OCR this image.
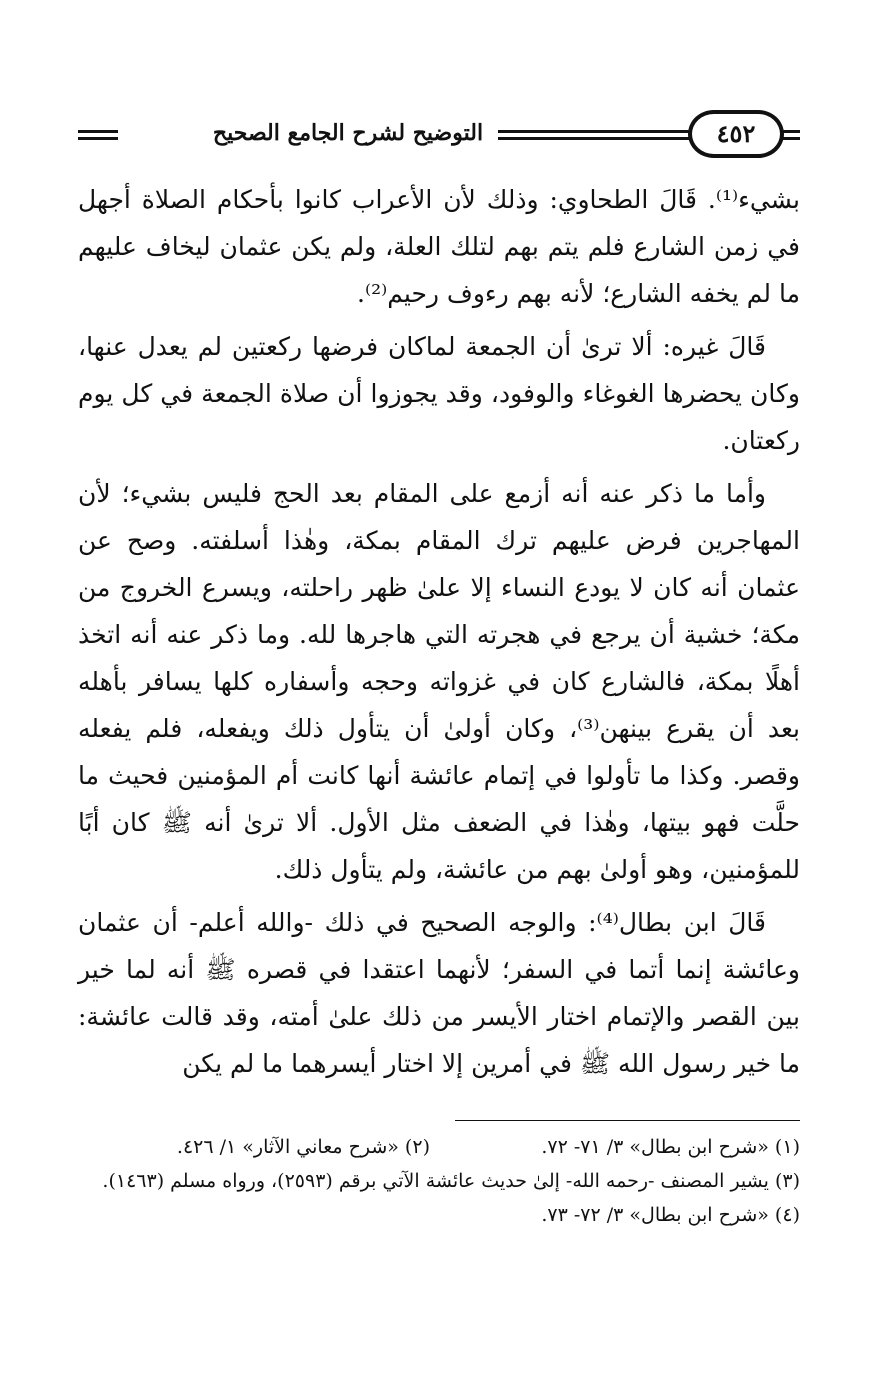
التوضيح لشرح الجامع الصحيح	٤٥٢

بشيء⁽¹⁾. قَالَ الطحاوي: وذلك لأن الأعراب كانوا بأحكام الصلاة أجهل في زمن الشارع فلم يتم بهم لتلك العلة، ولم يكن عثمان ليخاف عليهم ما لم يخفه الشارع؛ لأنه بهم رءوف رحيم⁽²⁾.

قَالَ غيره: ألا ترىٰ أن الجمعة لماكان فرضها ركعتين لم يعدل عنها، وكان يحضرها الغوغاء والوفود، وقد يجوزوا أن صلاة الجمعة في كل يوم ركعتان.

وأما ما ذكر عنه أنه أزمع على المقام بعد الحج فليس بشيء؛ لأن المهاجرين فرض عليهم ترك المقام بمكة، وهٰذا أسلفته. وصح عن عثمان أنه كان لا يودع النساء إلا علىٰ ظهر راحلته، ويسرع الخروج من مكة؛ خشية أن يرجع في هجرته التي هاجرها لله. وما ذكر عنه أنه اتخذ أهلًا بمكة، فالشارع كان في غزواته وحجه وأسفاره كلها يسافر بأهله بعد أن يقرع بينهن⁽³⁾، وكان أولىٰ أن يتأول ذلك ويفعله، فلم يفعله وقصر. وكذا ما تأولوا في إتمام عائشة أنها كانت أم المؤمنين فحيث ما حلَّت فهو بيتها، وهٰذا في الضعف مثل الأول. ألا ترىٰ أنه ﷺ كان أبًا للمؤمنين، وهو أولىٰ بهم من عائشة، ولم يتأول ذلك.

قَالَ ابن بطال⁽⁴⁾: والوجه الصحيح في ذلك -والله أعلم- أن عثمان وعائشة إنما أتما في السفر؛ لأنهما اعتقدا في قصره ﷺ أنه لما خير بين القصر والإتمام اختار الأيسر من ذلك علىٰ أمته، وقد قالت عائشة: ما خير رسول الله ﷺ في أمرين إلا اختار أيسرهما ما لم يكن

(١) «شرح ابن بطال» ٣/ ٧١- ٧٢.

(٢) «شرح معاني الآثار» ١/ ٤٢٦.

(٣) يشير المصنف -رحمه الله- إلىٰ حديث عائشة الآتي برقم (٢٥٩٣)، ورواه مسلم (١٤٦٣).

(٤) «شرح ابن بطال» ٣/ ٧٢- ٧٣.
